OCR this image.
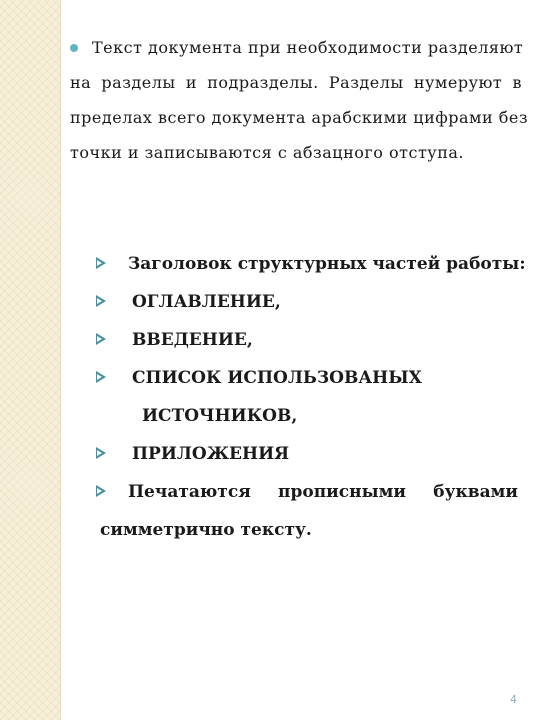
Текст документа при необходимости разделяют
на разделы и подразделы. Разделы нумеруют в
пределах всего документа арабскими цифрами без
точки и записываются с абзацного отступа.
Заголовок структурных частей работы:
ОГЛАВЛЕНИЕ,
ВВЕДЕНИЕ,
СПИСОК ИСПОЛЬЗОВАНЫХ
ИСТОЧНИКОВ,
ПРИЛОЖЕНИЯ
Печатаются прописными буквами
симметрично тексту.
4
